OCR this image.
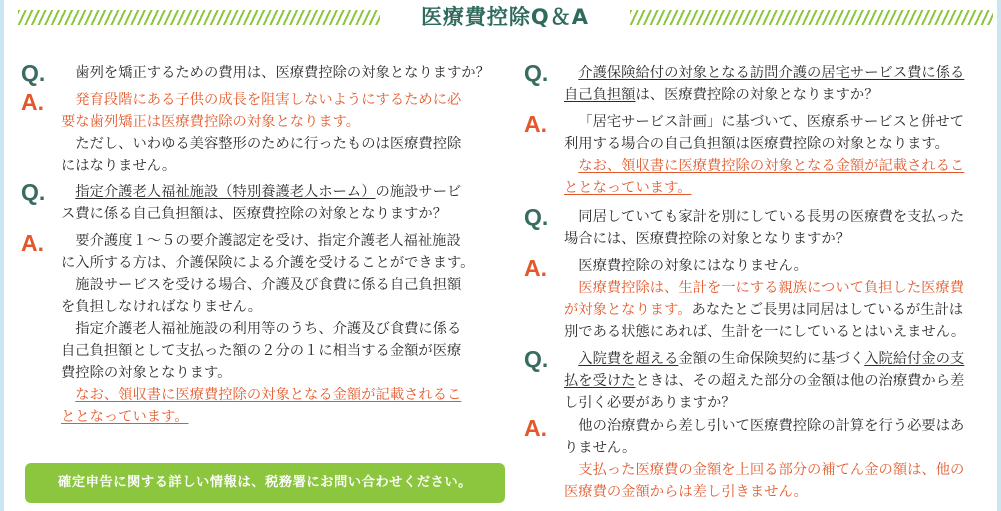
医療費控除Q＆A
Q.	歯列を矯正するための費用は、医療費控除の対象となりますか？
A.	発育段階にある子供の成長を阻害しないようにするために必
要な歯列矯正は医療費控除の対象となります。
ただし、いわゆる美容整形のために行ったものは医療費控除
にはなりません。
Q.	指定介護老人福祉施設（特別養護老人ホーム）の施設サービ
ス費に係る自己負担額は、医療費控除の対象となりますか？
A.	要介護度１～５の要介護認定を受け、指定介護老人福祉施設
に入所する方は、介護保険による介護を受けることができます。
施設サービスを受ける場合、介護及び食費に係る自己負担額
を負担しなければなりません。
指定介護老人福祉施設の利用等のうち、介護及び食費に係る
自己負担額として支払った額の２分の１に相当する金額が医療
費控除の対象となります。
なお、領収書に医療費控除の対象となる金額が記載されるこ
ととなっています。
確定申告に関する詳しい情報は、税務署にお問い合わせください。
Q.	介護保険給付の対象となる訪問介護の居宅サービス費に係る
自己負担額は、医療費控除の対象となりますか？
A.	「居宅サービス計画」に基づいて、医療系サービスと併せて
利用する場合の自己負担額は医療費控除の対象となります。
なお、領収書に医療費控除の対象となる金額が記載されるこ
ととなっています。
Q.	同居していても家計を別にしている長男の医療費を支払った
場合には、医療費控除の対象となりますか？
A.	医療費控除の対象にはなりません。
医療費控除は、生計を一にする親族について負担した医療費
が対象となります。あなたとご長男は同居はしているが生計は
別である状態にあれば、生計を一にしているとはいえません。
Q.	入院費を超える金額の生命保険契約に基づく入院給付金の支
払を受けたときは、その超えた部分の金額は他の治療費から差
し引く必要がありますか？
A.	他の治療費から差し引いて医療費控除の計算を行う必要はあ
りません。
支払った医療費の金額を上回る部分の補てん金の額は、他の
医療費の金額からは差し引きません。
